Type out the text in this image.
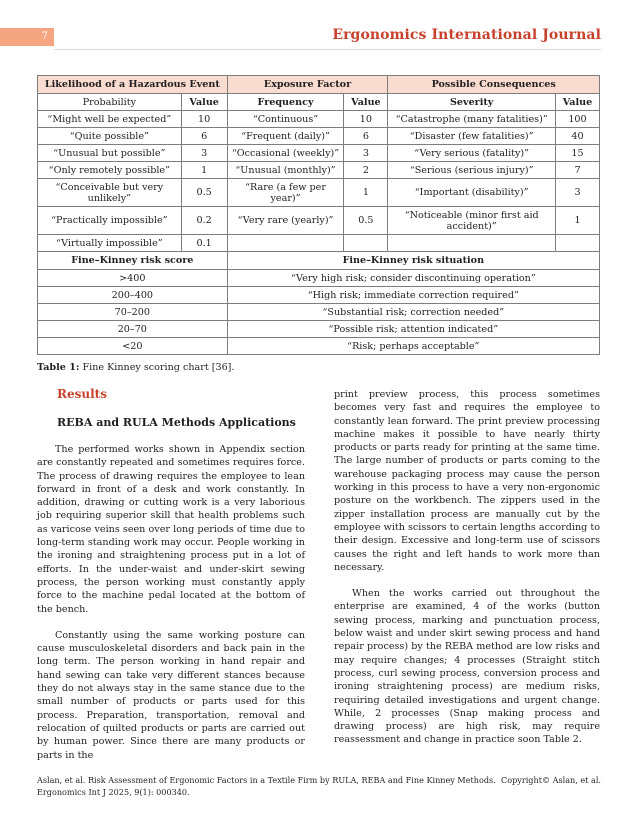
7	Ergonomics International Journal
Likelihood of a Hazardous Event		Exposure Factor		Possible Consequences	
Probability	Value	Frequency	Value	Severity	Value
“Might well be expected”	10	“Continuous”	10	“Catastrophe (many fatalities)”	100
“Quite possible”	6	“Frequent (daily)”	6	“Disaster (few fatalities)”	40
“Unusual but possible”	3	“Occasional (weekly)”	3	“Very serious (fatality)”	15
“Only remotely possible”	1	“Unusual (monthly)”	2	“Serious (serious injury)”	7
“Conceivable but very unlikely”	0.5	“Rare (a few per year)”	1	“Important (disability)”	3
“Practically impossible”	0.2	“Very rare (yearly)”	0.5	“Noticeable (minor first aid accident)”	1
“Virtually impossible”	0.1				
Fine–Kinney risk score		Fine–Kinney risk situation			
>400		“Very high risk; consider discontinuing operation”			
200–400		“High risk; immediate correction required”			
70–200		“Substantial risk; correction needed”			
20–70		“Possible risk; attention indicated”			
<20		“Risk; perhaps acceptable”			
Table 1: Fine Kinney scoring chart [36].
Results
REBA and RULA Methods Applications

The performed works shown in Appendix section are constantly repeated and sometimes requires force. The process of drawing requires the employee to lean forward in front of a desk and work constantly. In addition, drawing or cutting work is a very laborious job requiring superior skill that health problems such as varicose veins seen over long periods of time due to long-term standing work may occur. People working in the ironing and straightening process put in a lot of efforts. In the under-waist and under-skirt sewing process, the person working must constantly apply force to the machine pedal located at the bottom of the bench.

Constantly using the same working posture can cause musculoskeletal disorders and back pain in the long term. The person working in hand repair and hand sewing can take very different stances because they do not always stay in the same stance due to the small number of products or parts used for this process. Preparation, transportation, removal and relocation of quilted products or parts are carried out by human power. Since there are many products or parts in the

print preview process, this process sometimes becomes very fast and requires the employee to constantly lean forward. The print preview processing machine makes it possible to have nearly thirty products or parts ready for printing at the same time. The large number of products or parts coming to the warehouse packaging process may cause the person working in this process to have a very non-ergonomic posture on the workbench. The zippers used in the zipper installation process are manually cut by the employee with scissors to certain lengths according to their design. Excessive and long-term use of scissors causes the right and left hands to work more than necessary.

When the works carried out throughout the enterprise are examined, 4 of the works (button sewing process, marking and punctuation process, below waist and under skirt sewing process and hand repair process) by the REBA method are low risks and may require changes; 4 processes (Straight stitch process, curl sewing process, conversion process and ironing straightening process) are medium risks, requiring detailed investigations and urgent change. While, 2 processes (Snap making process and drawing process) are high risk, may require reassessment and change in practice soon Table 2.

Aslan, et al. Risk Assessment of Ergonomic Factors in a Textile Firm by RULA, REBA and Fine Kinney Methods.
Ergonomics Int J 2025, 9(1): 000340.
Copyright© Aslan, et al.
